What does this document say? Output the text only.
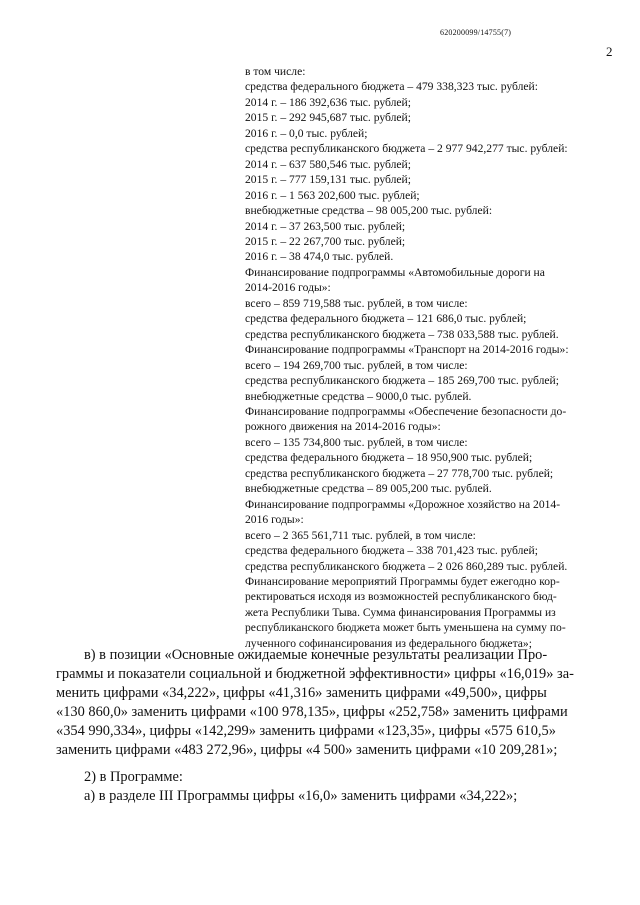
620200099/14755(7)
2
в том числе:
средства федерального бюджета – 479 338,323 тыс. рублей:
2014 г. – 186 392,636 тыс. рублей;
2015 г. – 292 945,687 тыс. рублей;
2016 г. – 0,0 тыс. рублей;
средства республиканского бюджета – 2 977 942,277 тыс. рублей:
2014 г. – 637 580,546 тыс. рублей;
2015 г. – 777 159,131 тыс. рублей;
2016 г. – 1 563 202,600 тыс. рублей;
внебюджетные средства – 98 005,200 тыс. рублей:
2014 г. – 37 263,500 тыс. рублей;
2015 г. – 22 267,700 тыс. рублей;
2016 г. – 38 474,0 тыс. рублей.
Финансирование подпрограммы «Автомобильные дороги на
2014-2016 годы»:
всего – 859 719,588 тыс. рублей, в том числе:
средства федерального бюджета – 121 686,0 тыс. рублей;
средства республиканского бюджета – 738 033,588 тыс. рублей.
Финансирование подпрограммы «Транспорт на 2014-2016 годы»:
всего – 194 269,700 тыс. рублей, в том числе:
средства республиканского бюджета – 185 269,700 тыс. рублей;
внебюджетные средства – 9000,0 тыс. рублей.
Финансирование подпрограммы «Обеспечение безопасности до-
рожного движения на 2014-2016 годы»:
всего – 135 734,800 тыс. рублей, в том числе:
средства федерального бюджета – 18 950,900 тыс. рублей;
средства республиканского бюджета – 27 778,700 тыс. рублей;
внебюджетные средства – 89 005,200 тыс. рублей.
Финансирование подпрограммы «Дорожное хозяйство на 2014-
2016 годы»:
всего – 2 365 561,711 тыс. рублей, в том числе:
средства федерального бюджета – 338 701,423 тыс. рублей;
средства республиканского бюджета – 2 026 860,289 тыс. рублей.
Финансирование мероприятий Программы будет ежегодно кор-
ректироваться исходя из возможностей республиканского бюд-
жета Республики Тыва. Сумма финансирования Программы из
республиканского бюджета может быть уменьшена на сумму по-
лученного софинансирования из федерального бюджета»;
в) в позиции «Основные ожидаемые конечные результаты реализации Про-
граммы и показатели социальной и бюджетной эффективности» цифры «16,019» за-
менить цифрами «34,222», цифры «41,316» заменить цифрами «49,500», цифры
«130 860,0» заменить цифрами «100 978,135», цифры «252,758» заменить цифрами
«354 990,334», цифры «142,299» заменить цифрами «123,35», цифры «575 610,5»
заменить цифрами «483 272,96», цифры «4 500» заменить цифрами «10 209,281»;
2) в Программе:
а) в разделе III Программы цифры «16,0» заменить цифрами «34,222»;
